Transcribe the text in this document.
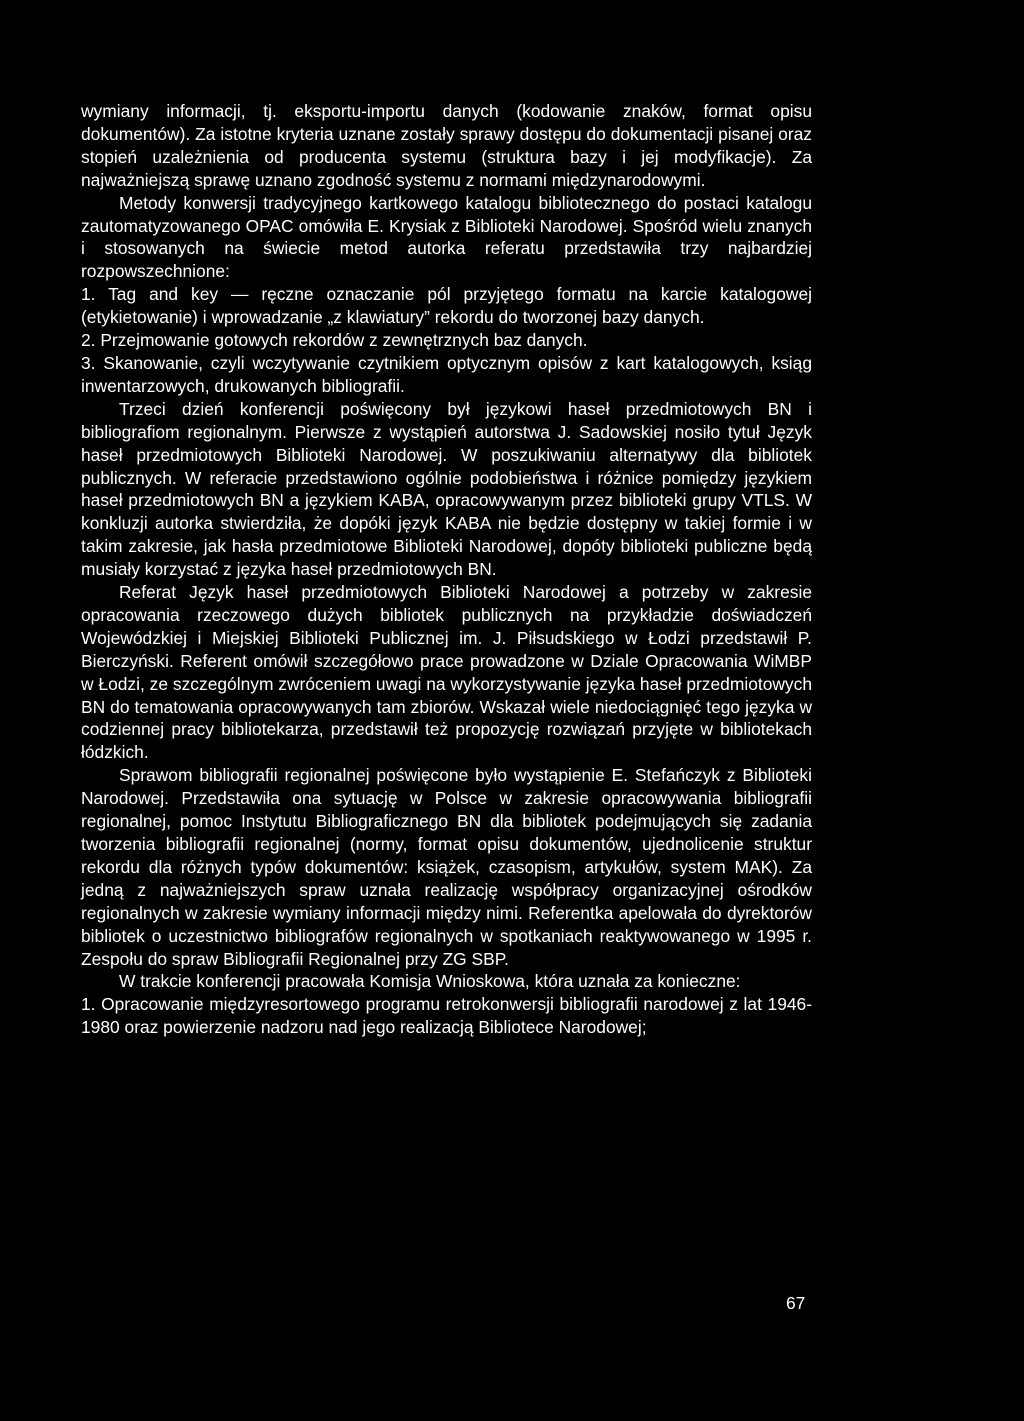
wymiany informacji, tj. eksportu-importu danych (kodowanie znaków, format opisu dokumentów). Za istotne kryteria uznane zostały sprawy dostępu do dokumentacji pisanej oraz stopień uzależnienia od producenta systemu (struktura bazy i jej modyfikacje). Za najważniejszą sprawę uznano zgodność systemu z normami międzynarodowymi.

Metody konwersji tradycyjnego kartkowego katalogu bibliotecznego do postaci katalogu zautomatyzowanego OPAC omówiła E. Krysiak z Biblioteki Narodowej. Spośród wielu znanych i stosowanych na świecie metod autorka referatu przedstawiła trzy najbardziej rozpowszechnione:

1. Tag and key — ręczne oznaczanie pól przyjętego formatu na karcie katalogowej (etykietowanie) i wprowadzanie „z klawiatury” rekordu do tworzonej bazy danych.

2. Przejmowanie gotowych rekordów z zewnętrznych baz danych.

3. Skanowanie, czyli wczytywanie czytnikiem optycznym opisów z kart katalogowych, ksiąg inwentarzowych, drukowanych bibliografii.

Trzeci dzień konferencji poświęcony był językowi haseł przedmiotowych BN i bibliografiom regionalnym. Pierwsze z wystąpień autorstwa J. Sadowskiej nosiło tytuł Język haseł przedmiotowych Biblioteki Narodowej. W poszukiwaniu alternatywy dla bibliotek publicznych. W referacie przedstawiono ogólnie podobieństwa i różnice pomiędzy językiem haseł przedmiotowych BN a językiem KABA, opracowywanym przez biblioteki grupy VTLS. W konkluzji autorka stwierdziła, że dopóki język KABA nie będzie dostępny w takiej formie i w takim zakresie, jak hasła przedmiotowe Biblioteki Narodowej, dopóty biblioteki publiczne będą musiały korzystać z języka haseł przedmiotowych BN.

Referat Język haseł przedmiotowych Biblioteki Narodowej a potrzeby w zakresie opracowania rzeczowego dużych bibliotek publicznych na przykładzie doświadczeń Wojewódzkiej i Miejskiej Biblioteki Publicznej im. J. Piłsudskiego w Łodzi przedstawił P. Bierczyński. Referent omówił szczegółowo prace prowadzone w Dziale Opracowania WiMBP w Łodzi, ze szczególnym zwróceniem uwagi na wykorzystywanie języka haseł przedmiotowych BN do tematowania opracowywanych tam zbiorów. Wskazał wiele niedociągnięć tego języka w codziennej pracy bibliotekarza, przedstawił też propozycję rozwiązań przyjęte w bibliotekach łódzkich.

Sprawom bibliografii regionalnej poświęcone było wystąpienie E. Stefańczyk z Biblioteki Narodowej. Przedstawiła ona sytuację w Polsce w zakresie opracowywania bibliografii regionalnej, pomoc Instytutu Bibliograficznego BN dla bibliotek podejmujących się zadania tworzenia bibliografii regionalnej (normy, format opisu dokumentów, ujednolicenie struktur rekordu dla różnych typów dokumentów: książek, czasopism, artykułów, system MAK). Za jedną z najważniejszych spraw uznała realizację współpracy organizacyjnej ośrodków regionalnych w zakresie wymiany informacji między nimi. Referentka apelowała do dyrektorów bibliotek o uczestnictwo bibliografów regionalnych w spotkaniach reaktywowanego w 1995 r. Zespołu do spraw Bibliografii Regionalnej przy ZG SBP.

W trakcie konferencji pracowała Komisja Wnioskowa, która uznała za konieczne:

1. Opracowanie międzyresortowego programu retrokonwersji bibliografii narodowej z lat 1946-1980 oraz powierzenie nadzoru nad jego realizacją Bibliotece Narodowej;

67
